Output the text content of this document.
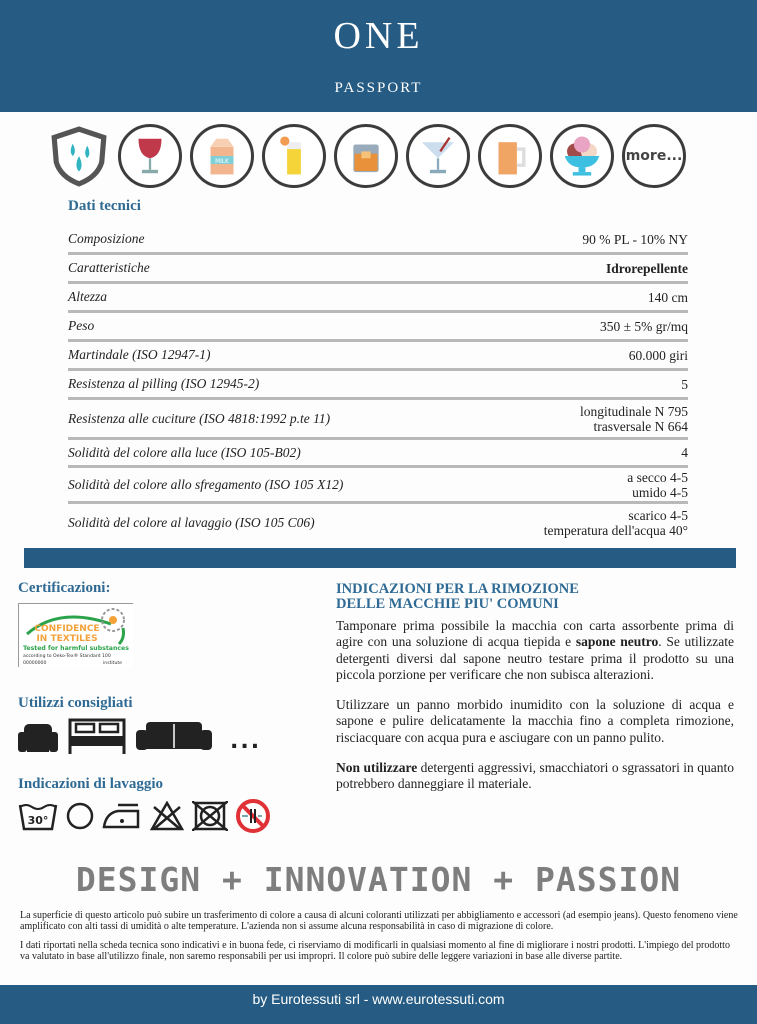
ONE
PASSPORT
MILK	more...
Dati tecnici
Composizione	90 % PL - 10% NY
Caratteristiche	Idrorepellente
Altezza	140 cm
Peso	350 ± 5% gr/mq
Martindale (ISO 12947-1)	60.000 giri
Resistenza al pilling (ISO 12945-2)	5
Resistenza alle cuciture (ISO 4818:1992 p.te 11)	longitudinale N 795
trasversale N 664
Solidità del colore alla luce (ISO 105-B02)	4
Solidità del colore allo sfregamento (ISO 105 X12)	a secco 4-5
umido 4-5
Solidità del colore al lavaggio (ISO 105 C06)	scarico 4-5
temperatura dell'acqua 40°
Certificazioni:
CONFIDENCE
IN TEXTILES
Tested for harmful substances
according to Oeko-Tex® Standard 100
00000000	institute
Utilizzi consigliati
...
Indicazioni di lavaggio
30°
INDICAZIONI PER LA RIMOZIONE
DELLE MACCHIE PIU' COMUNI

Tamponare prima possibile la macchia con carta assorbente prima di agire con una soluzione di acqua tiepida e sapone neutro. Se utilizzate detergenti diversi dal sapone neutro testare prima il prodotto su una piccola porzione per verificare che non subisca alterazioni.

Utilizzare un panno morbido inumidito con la soluzione di acqua e sapone e pulire delicatamente la macchia fino a completa rimozione, risciacquare con acqua pura e asciugare con un panno pulito.

Non utilizzare detergenti aggressivi, smacchiatori o sgrassatori in quanto potrebbero danneggiare il materiale.

DESIGN + INNOVATION + PASSION

La superficie di questo articolo può subire un trasferimento di colore a causa di alcuni coloranti utilizzati per abbigliamento e accessori (ad esempio jeans). Questo fenomeno viene amplificato con alti tassi di umidità o alte temperature. L'azienda non si assume alcuna responsabilità in caso di migrazione di colore.

I dati riportati nella scheda tecnica sono indicativi e in buona fede, ci riserviamo di modificarli in qualsiasi momento al fine di migliorare i nostri prodotti. L'impiego del prodotto va valutato in base all'utilizzo finale, non saremo responsabili per usi impropri. Il colore può subire delle leggere variazioni in base alle diverse partite.

by Eurotessuti srl - www.eurotessuti.com
